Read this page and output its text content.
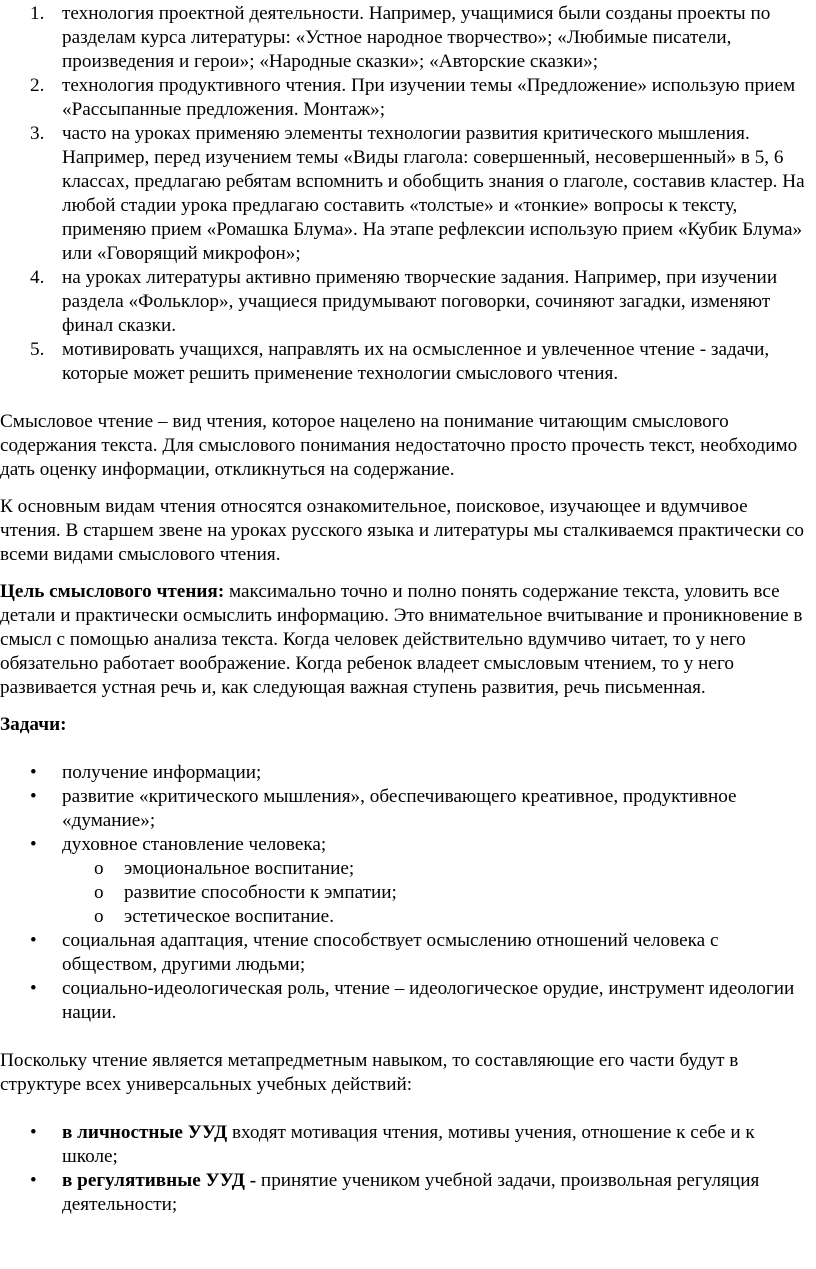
1. технология проектной деятельности. Например, учащимися были созданы проекты по разделам курса литературы: «Устное народное творчество»; «Любимые писатели, произведения и герои»; «Народные сказки»; «Авторские сказки»;
2. технология продуктивного чтения. При изучении темы «Предложение» использую прием «Рассыпанные предложения. Монтаж»;
3. часто на уроках применяю элементы технологии развития критического мышления. Например, перед изучением темы «Виды глагола: совершенный, несовершенный» в 5, 6 классах, предлагаю ребятам вспомнить и обобщить знания о глаголе, составив кластер. На любой стадии урока предлагаю составить «толстые» и «тонкие» вопросы к тексту, применяю прием «Ромашка Блума». На этапе рефлексии использую прием «Кубик Блума» или «Говорящий микрофон»;
4. на уроках литературы активно применяю творческие задания. Например, при изучении раздела «Фольклор», учащиеся придумывают поговорки, сочиняют загадки, изменяют финал сказки.
5. мотивировать учащихся, направлять их на осмысленное и увлеченное чтение - задачи, которые может решить применение технологии смыслового чтения.

Смысловое чтение – вид чтения, которое нацелено на понимание читающим смыслового содержания текста. Для смыслового понимания недостаточно просто прочесть текст, необходимо дать оценку информации, откликнуться на содержание.

К основным видам чтения относятся ознакомительное, поисковое, изучающее и вдумчивое чтения. В старшем звене на уроках русского языка и литературы мы сталкиваемся практически со всеми видами смыслового чтения.

Цель смыслового чтения: максимально точно и полно понять содержание текста, уловить все детали и практически осмыслить информацию. Это внимательное вчитывание и проникновение в смысл с помощью анализа текста. Когда человек действительно вдумчиво читает, то у него обязательно работает воображение. Когда ребенок владеет смысловым чтением, то у него развивается устная речь и, как следующая важная ступень развития, речь письменная.

Задачи:

• получение информации;
• развитие «критического мышления», обеспечивающего креативное, продуктивное «думание»;
• духовное становление человека;
o эмоциональное воспитание;
o развитие способности к эмпатии;
o эстетическое воспитание.
• социальная адаптация, чтение способствует осмыслению отношений человека с обществом, другими людьми;
• социально-идеологическая роль, чтение – идеологическое орудие, инструмент идеологии нации.

Поскольку чтение является метапредметным навыком, то составляющие его части будут в структуре всех универсальных учебных действий:

• в личностные УУД входят мотивация чтения, мотивы учения, отношение к себе и к школе;
• в регулятивные УУД - принятие учеником учебной задачи, произвольная регуляция деятельности;
